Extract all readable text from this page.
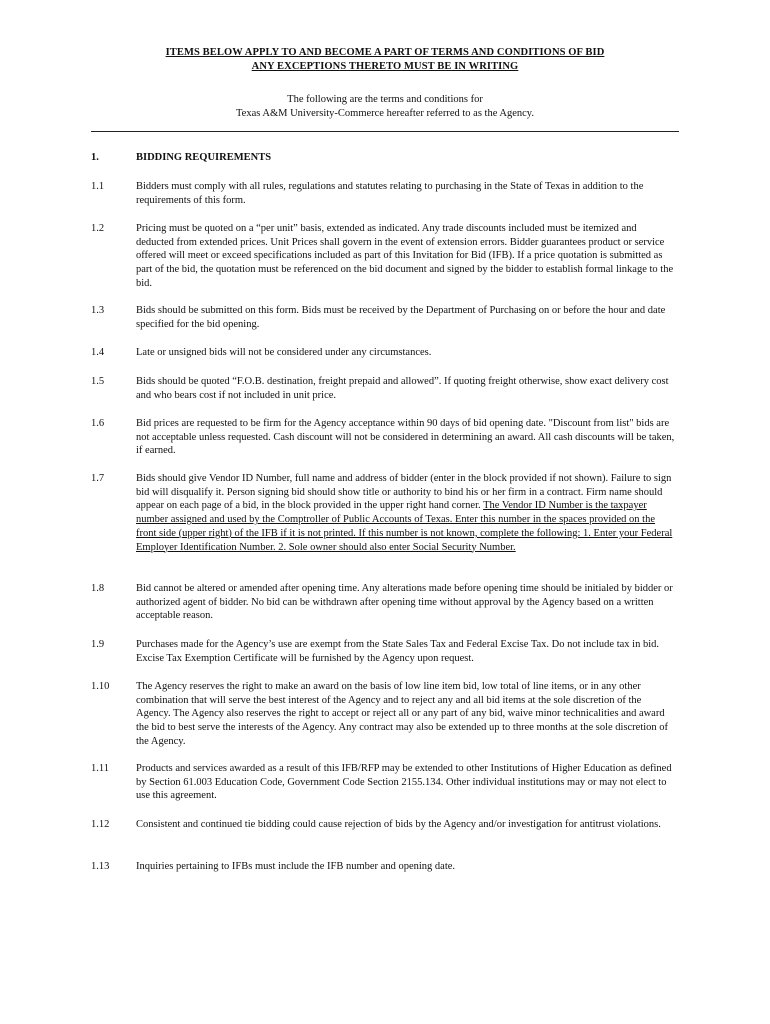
ITEMS BELOW APPLY TO AND BECOME A PART OF TERMS AND CONDITIONS OF BID
ANY EXCEPTIONS THERETO MUST BE IN WRITING
The following are the terms and conditions for
Texas A&M University-Commerce hereafter referred to as the Agency.
1.	BIDDING REQUIREMENTS
1.1	Bidders must comply with all rules, regulations and statutes relating to purchasing in the State of Texas in addition to the requirements of this form.
1.2	Pricing must be quoted on a “per unit” basis, extended as indicated. Any trade discounts included must be itemized and deducted from extended prices. Unit Prices shall govern in the event of extension errors. Bidder guarantees product or service offered will meet or exceed specifications included as part of this Invitation for Bid (IFB). If a price quotation is submitted as part of the bid, the quotation must be referenced on the bid document and signed by the bidder to establish formal linkage to the bid.
1.3	Bids should be submitted on this form. Bids must be received by the Department of Purchasing on or before the hour and date specified for the bid opening.
1.4	Late or unsigned bids will not be considered under any circumstances.
1.5	Bids should be quoted “F.O.B. destination, freight prepaid and allowed”. If quoting freight otherwise, show exact delivery cost and who bears cost if not included in unit price.
1.6	Bid prices are requested to be firm for the Agency acceptance within 90 days of bid opening date. "Discount from list" bids are not acceptable unless requested. Cash discount will not be considered in determining an award. All cash discounts will be taken, if earned.
1.7	Bids should give Vendor ID Number, full name and address of bidder (enter in the block provided if not shown). Failure to sign bid will disqualify it. Person signing bid should show title or authority to bind his or her firm in a contract. Firm name should appear on each page of a bid, in the block provided in the upper right hand corner. The Vendor ID Number is the taxpayer number assigned and used by the Comptroller of Public Accounts of Texas. Enter this number in the spaces provided on the front side (upper right) of the IFB if it is not printed. If this number is not known, complete the following: 1. Enter your Federal Employer Identification Number. 2. Sole owner should also enter Social Security Number.
1.8	Bid cannot be altered or amended after opening time. Any alterations made before opening time should be initialed by bidder or authorized agent of bidder. No bid can be withdrawn after opening time without approval by the Agency based on a written acceptable reason.
1.9	Purchases made for the Agency’s use are exempt from the State Sales Tax and Federal Excise Tax. Do not include tax in bid. Excise Tax Exemption Certificate will be furnished by the Agency upon request.
1.10	The Agency reserves the right to make an award on the basis of low line item bid, low total of line items, or in any other combination that will serve the best interest of the Agency and to reject any and all bid items at the sole discretion of the Agency. The Agency also reserves the right to accept or reject all or any part of any bid, waive minor technicalities and award the bid to best serve the interests of the Agency. Any contract may also be extended up to three months at the sole discretion of the Agency.
1.11	Products and services awarded as a result of this IFB/RFP may be extended to other Institutions of Higher Education as defined by Section 61.003 Education Code, Government Code Section 2155.134. Other individual institutions may or may not elect to use this agreement.
1.12	Consistent and continued tie bidding could cause rejection of bids by the Agency and/or investigation for antitrust violations.
1.13	Inquiries pertaining to IFBs must include the IFB number and opening date.
